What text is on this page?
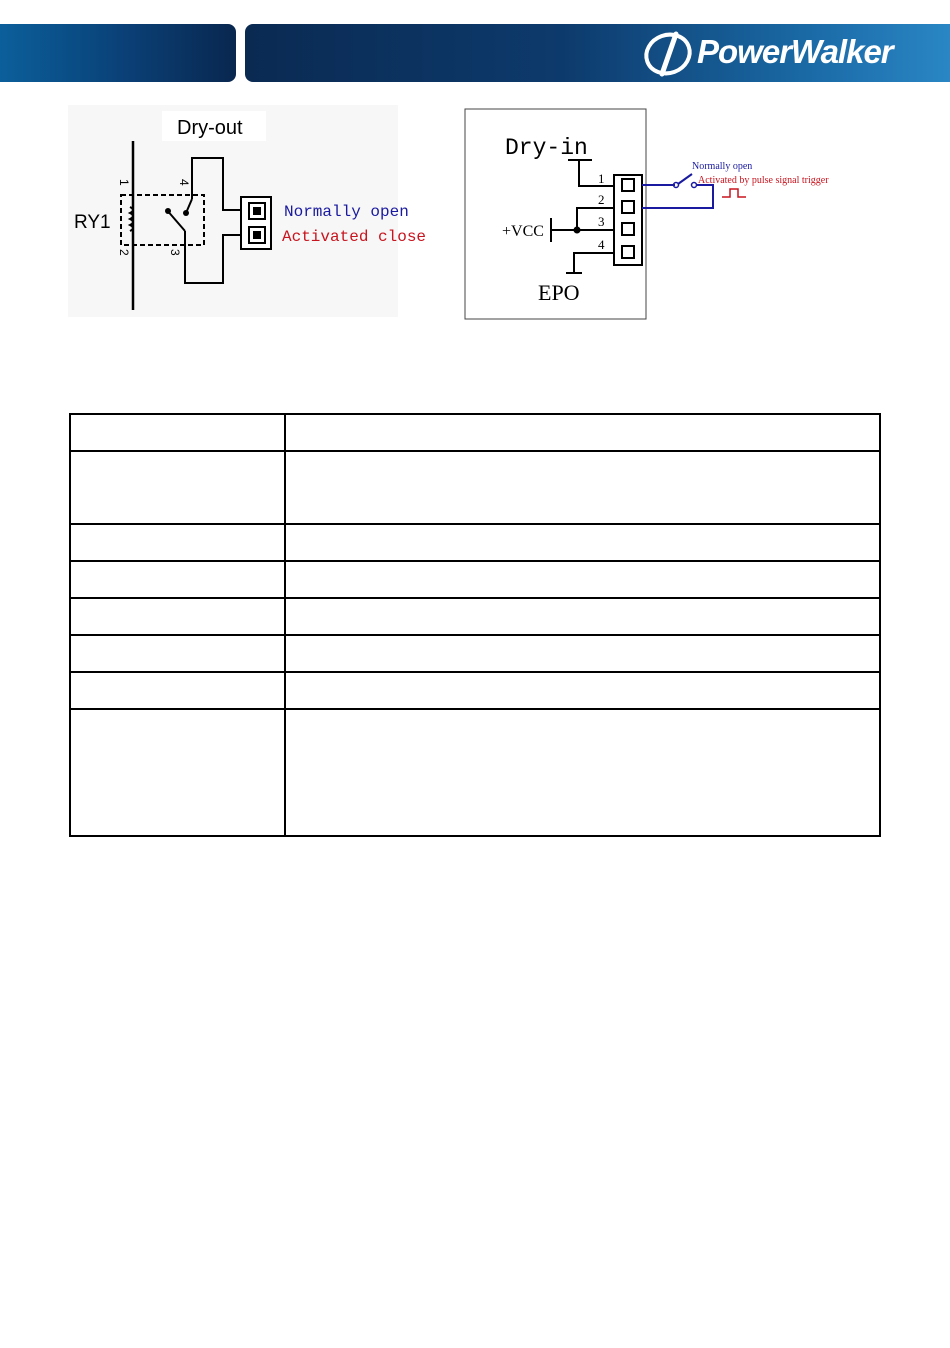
PowerWalker
Dry-out
RY1
1
2	3
4
Normally open
Activated close
Dry-in
+VCC
EPO
1
2
3
4
Normally open
Activated by pulse signal trigger
